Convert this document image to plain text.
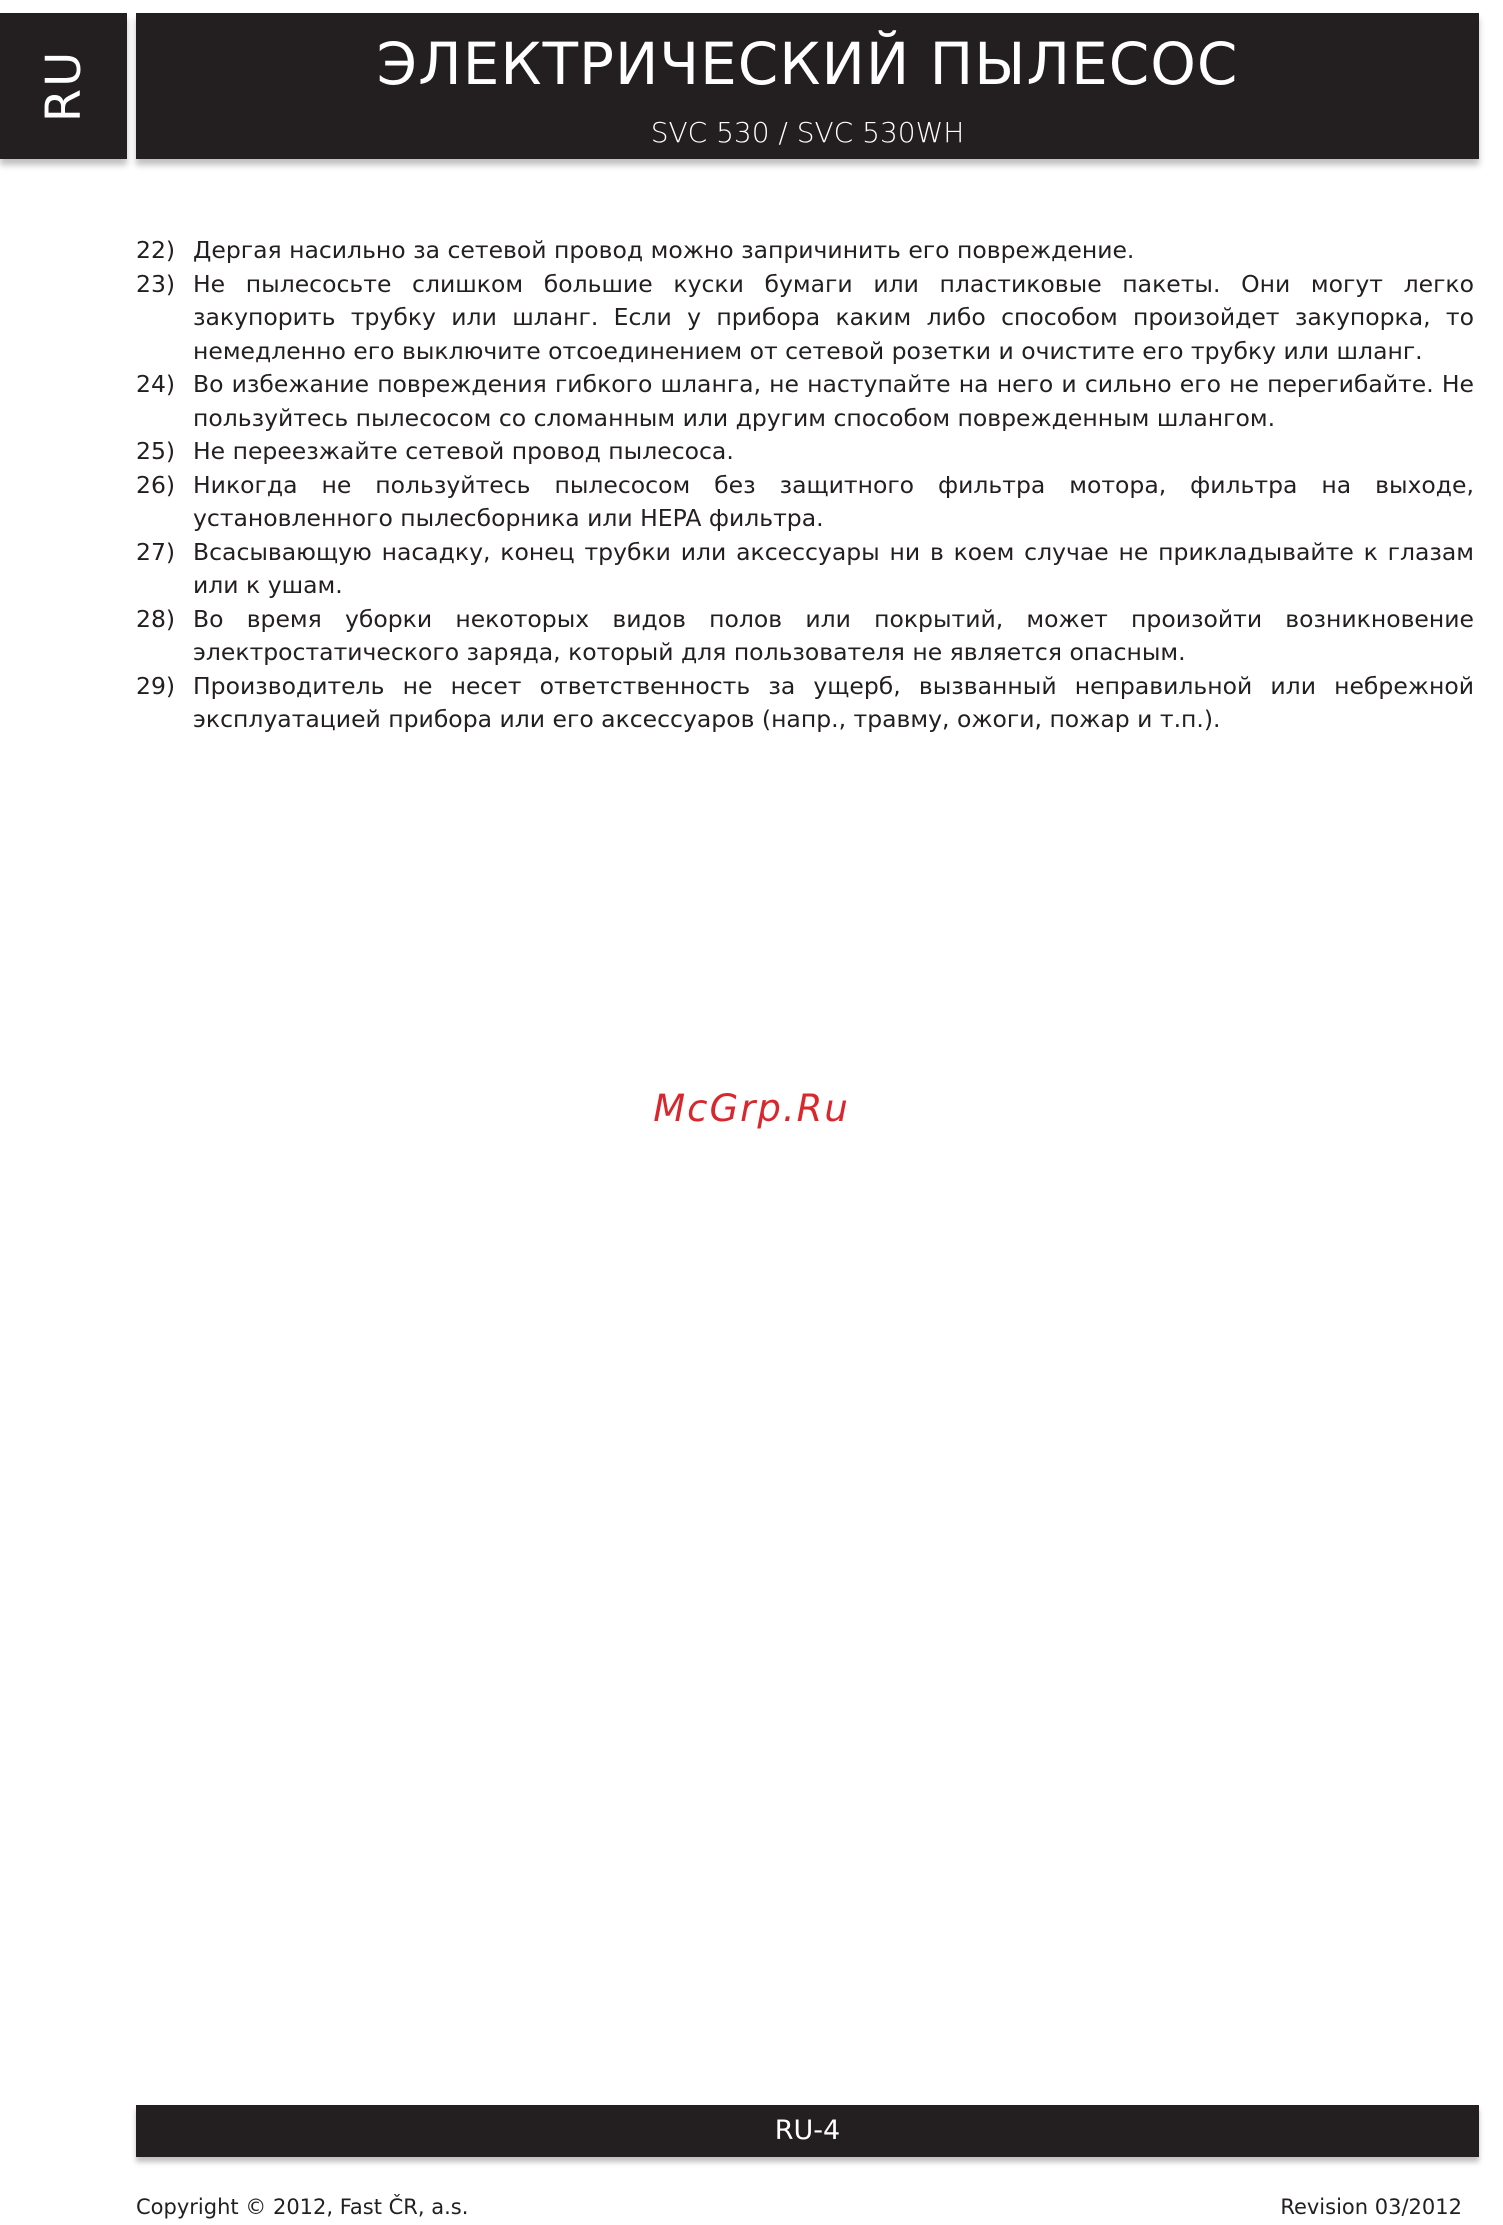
RU	ЭЛЕКТРИЧЕСКИЙ ПЫЛЕСОС
SVC 530 / SVC 530WH
22) Дергая насильно за сетевой провод можно запричинить его повреждение.
23) Не пылесосьте слишком большие куски бумаги или пластиковые пакеты. Они могут легко закупорить трубку или шланг. Если у прибора каким либо способом произойдет закупорка, то немедленно его выключите отсоединением от сетевой розетки и очистите его трубку или шланг.
24) Во избежание повреждения гибкого шланга, не наступайте на него и сильно его не перегибайте. Не пользуйтесь пылесосом со сломанным или другим способом поврежденным шлангом.
25) Не переезжайте сетевой провод пылесоса.
26) Никогда не пользуйтесь пылесосом без защитного фильтра мотора, фильтра на выходе, установленного пылесборника или HEPA фильтра.
27) Всасывающую насадку, конец трубки или аксессуары ни в коем случае не прикладывайте к глазам или к ушам.
28) Во время уборки некоторых видов полов или покрытий, может произойти возникновение электростатического заряда, который для пользователя не является опасным.
29) Производитель не несет ответственность за ущерб, вызванный неправильной или небрежной эксплуатацией прибора или его аксессуаров (напр., травму, ожоги, пожар и т.п.).
McGrp.Ru
RU-4
Copyright © 2012, Fast ČR, a.s.	Revision 03/2012
